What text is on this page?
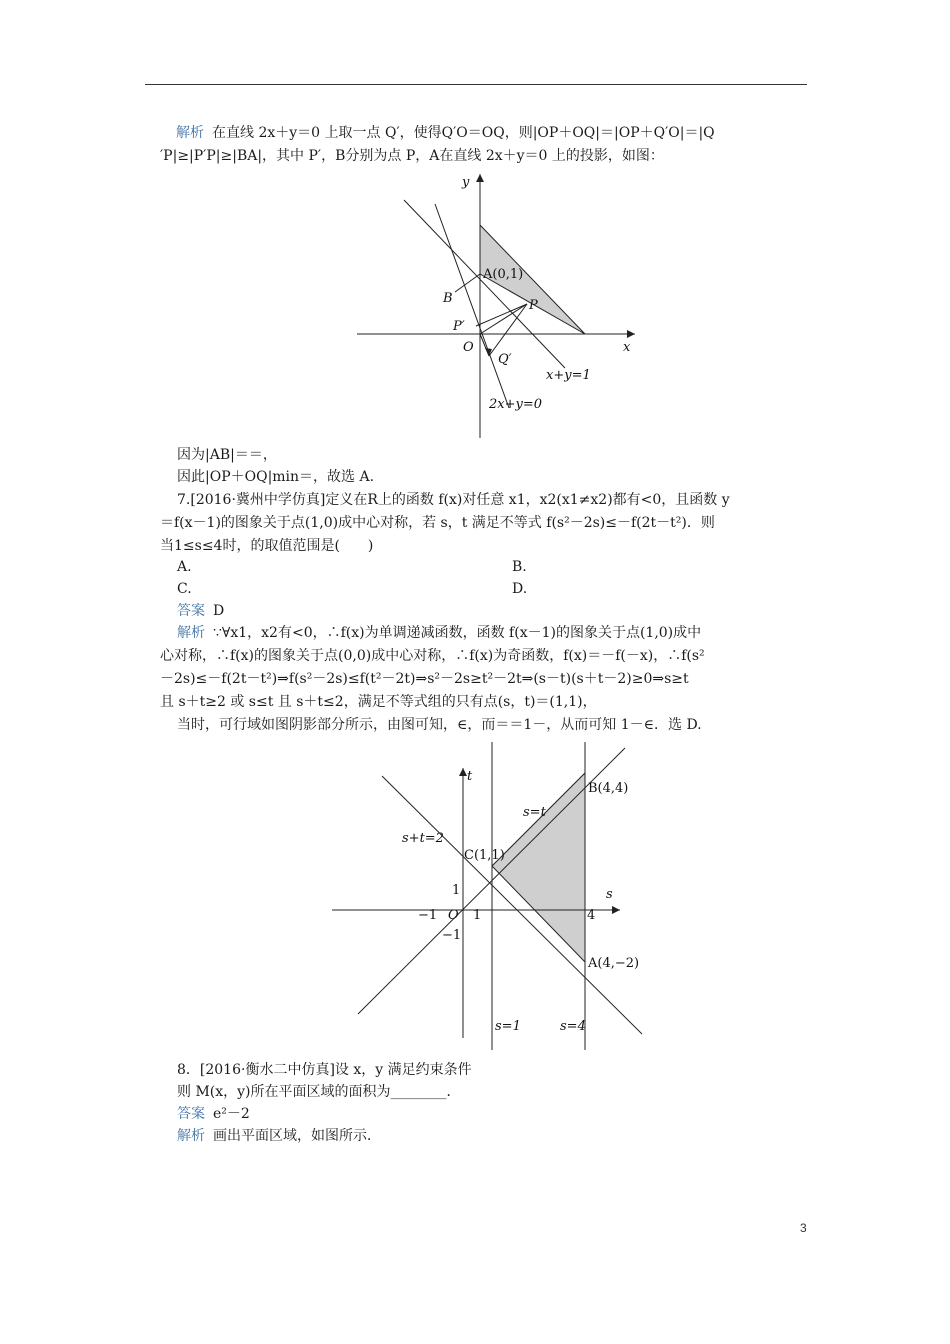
解析 在直线 2x＋y＝0 上取一点 Q′，使得Q′O＝OQ，则|OP＋OQ|＝|OP＋Q′O|＝|Q
′P|≥|P′P|≥|BA|，其中 P′，B分别为点 P，A在直线 2x＋y＝0 上的投影，如图：
y
x
A(0,1)
B	P
P′
O
Q′
x+y=1
2x+y=0
因为|AB|＝＝，
因此|OP＋OQ|min＝，故选 A.
7.[2016·冀州中学仿真]定义在R上的函数 f(x)对任意 x1，x2(x1≠x2)都有<0，且函数 y
＝f(x－1)的图象关于点(1,0)成中心对称，若 s，t 满足不等式 f(s²－2s)≤－f(2t－t²)．则
当1≤s≤4时，的取值范围是(　　)
A.	B.
C.	D.
答案 D
解析 ∵∀x1，x2有<0，∴f(x)为单调递减函数，函数 f(x－1)的图象关于点(1,0)成中
心对称，∴f(x)的图象关于点(0,0)成中心对称，∴f(x)为奇函数，f(x)＝－f(－x)，∴f(s²
－2s)≤－f(2t－t²)⇒f(s²－2s)≤f(t²－2t)⇒s²－2s≥t²－2t⇒(s－t)(s＋t－2)≥0⇒s≥t
且 s＋t≥2 或 s≤t 且 s＋t≤2，满足不等式组的只有点(s，t)＝(1,1)，
当时，可行域如图阴影部分所示，由图可知，∈，而＝＝1－，从而可知 1－∈．选 D.
t
s
B(4,4)
C(1,1)
A(4,−2)
s=t
s+t=2
s=1	s=4
1
−1
−1 O 1	4
8．[2016·衡水二中仿真]设 x，y 满足约束条件
则 M(x，y)所在平面区域的面积为________．
答案 e²－2
解析 画出平面区域，如图所示．
3
